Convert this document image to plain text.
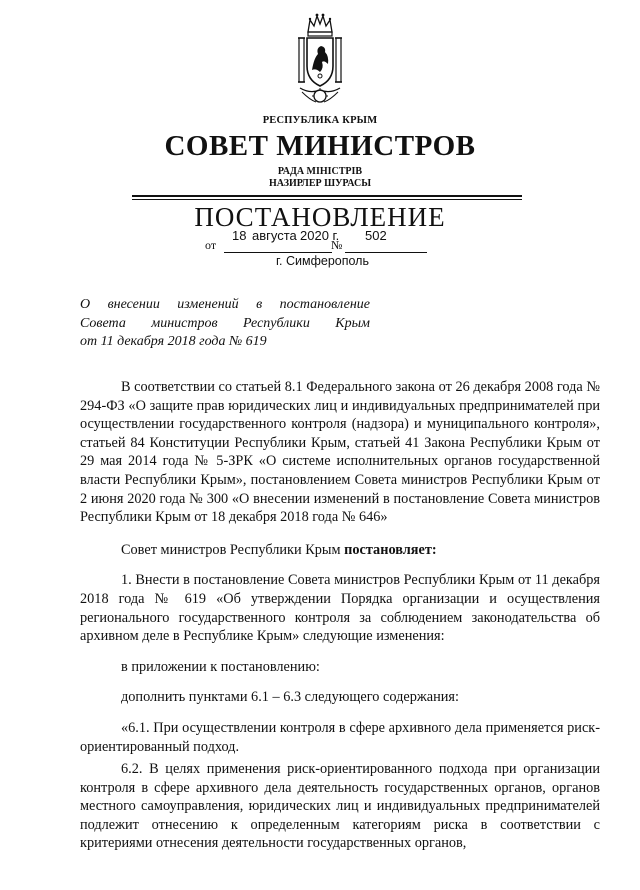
РЕСПУБЛИКА КРЫМ
СОВЕТ МИНИСТРОВ
РАДА МІНІСТРІВ
НАЗИРЛЕР ШУРАСЫ
ПОСТАНОВЛЕНИЕ
18 августа 2020 г. 502
от	№
г. Симферополь
О внесении изменений в постановление
Совета министров Республики Крым
от 11 декабря 2018 года № 619

В соответствии со статьей 8.1 Федерального закона от 26 декабря 2008 года № 294-ФЗ «О защите прав юридических лиц и индивидуальных предпринимателей при осуществлении государственного контроля (надзора) и муниципального контроля», статьей 84 Конституции Республики Крым, статьей 41 Закона Республики Крым от 29 мая 2014 года № 5-ЗРК «О системе исполнительных органов государственной власти Республики Крым», постановлением Совета министров Республики Крым от 2 июня 2020 года № 300 «О внесении изменений в постановление Совета министров Республики Крым от 18 декабря 2018 года № 646»

Совет министров Республики Крым постановляет:

1. Внести в постановление Совета министров Республики Крым от 11 декабря 2018 года № 619 «Об утверждении Порядка организации и осуществления регионального государственного контроля за соблюдением законодательства об архивном деле в Республике Крым» следующие изменения:

в приложении к постановлению:

дополнить пунктами 6.1 – 6.3 следующего содержания:

«6.1. При осуществлении контроля в сфере архивного дела применяется риск-ориентированный подход.

6.2. В целях применения риск-ориентированного подхода при организации контроля в сфере архивного дела деятельность государственных органов, органов местного самоуправления, юридических лиц и индивидуальных предпринимателей подлежит отнесению к определенным категориям риска в соответствии с критериями отнесения деятельности государственных органов,
